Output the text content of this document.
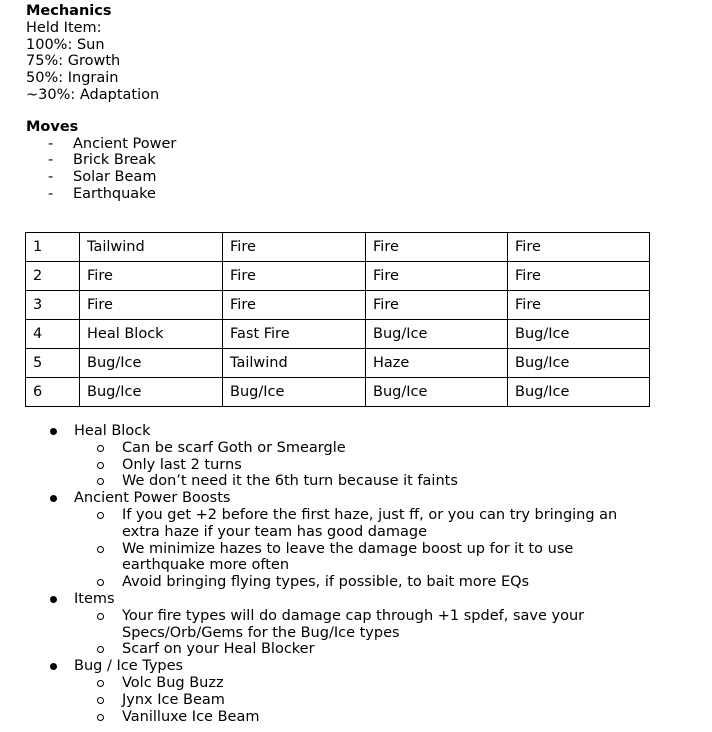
Mechanics
Held Item:
100%: Sun
75%: Growth
50%: Ingrain
~30%: Adaptation
Moves
- Ancient Power
- Brick Break
- Solar Beam
- Earthquake
1	Tailwind	Fire	Fire	Fire
2	Fire	Fire	Fire	Fire
3	Fire	Fire	Fire	Fire
4	Heal Block	Fast Fire	Bug/Ice	Bug/Ice
5	Bug/Ice	Tailwind	Haze	Bug/Ice
6	Bug/Ice	Bug/Ice	Bug/Ice	Bug/Ice
Heal Block
Can be scarf Goth or Smeargle
Only last 2 turns
We don’t need it the 6th turn because it faints
Ancient Power Boosts
If you get +2 before the first haze, just ff, or you can try bringing an extra haze if your team has good damage
We minimize hazes to leave the damage boost up for it to use earthquake more often
Avoid bringing flying types, if possible, to bait more EQs
Items
Your fire types will do damage cap through +1 spdef, save your Specs/Orb/Gems for the Bug/Ice types
Scarf on your Heal Blocker
Bug / Ice Types
Volc Bug Buzz
Jynx Ice Beam
Vanilluxe Ice Beam
